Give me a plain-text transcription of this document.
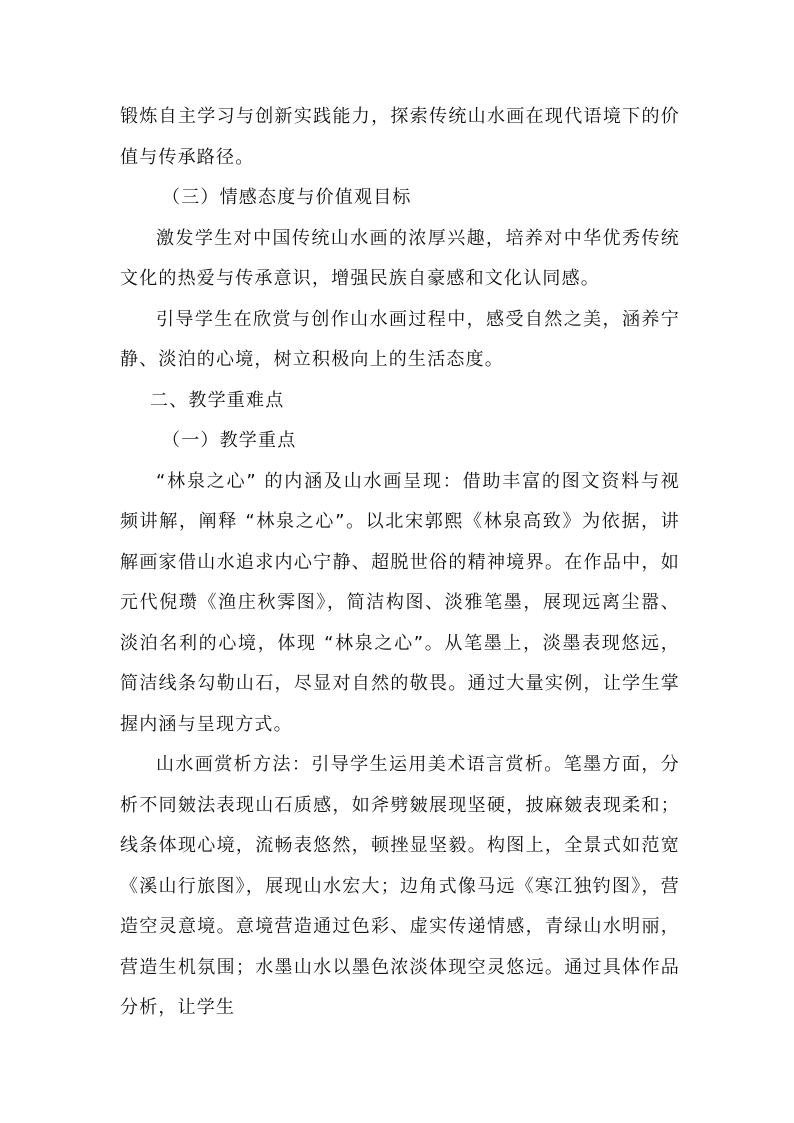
锻炼自主学习与创新实践能力，探索传统山水画在现代语境下的价值与传承路径。

（三）情感态度与价值观目标

激发学生对中国传统山水画的浓厚兴趣，培养对中华优秀传统文化的热爱与传承意识，增强民族自豪感和文化认同感。

引导学生在欣赏与创作山水画过程中，感受自然之美，涵养宁静、淡泊的心境，树立积极向上的生活态度。

二、教学重难点

（一）教学重点

“林泉之心” 的内涵及山水画呈现：借助丰富的图文资料与视频讲解，阐释 “林泉之心”。以北宋郭熙《林泉高致》为依据，讲解画家借山水追求内心宁静、超脱世俗的精神境界。在作品中，如元代倪瓒《渔庄秋霁图》，简洁构图、淡雅笔墨，展现远离尘嚣、淡泊名利的心境，体现 “林泉之心”。从笔墨上，淡墨表现悠远，简洁线条勾勒山石，尽显对自然的敬畏。通过大量实例，让学生掌握内涵与呈现方式。

山水画赏析方法：引导学生运用美术语言赏析。笔墨方面，分析不同皴法表现山石质感，如斧劈皴展现坚硬，披麻皴表现柔和；线条体现心境，流畅表悠然，顿挫显坚毅。构图上，全景式如范宽《溪山行旅图》，展现山水宏大；边角式像马远《寒江独钓图》，营造空灵意境。意境营造通过色彩、虚实传递情感，青绿山水明丽，营造生机氛围；水墨山水以墨色浓淡体现空灵悠远。通过具体作品分析，让学生
